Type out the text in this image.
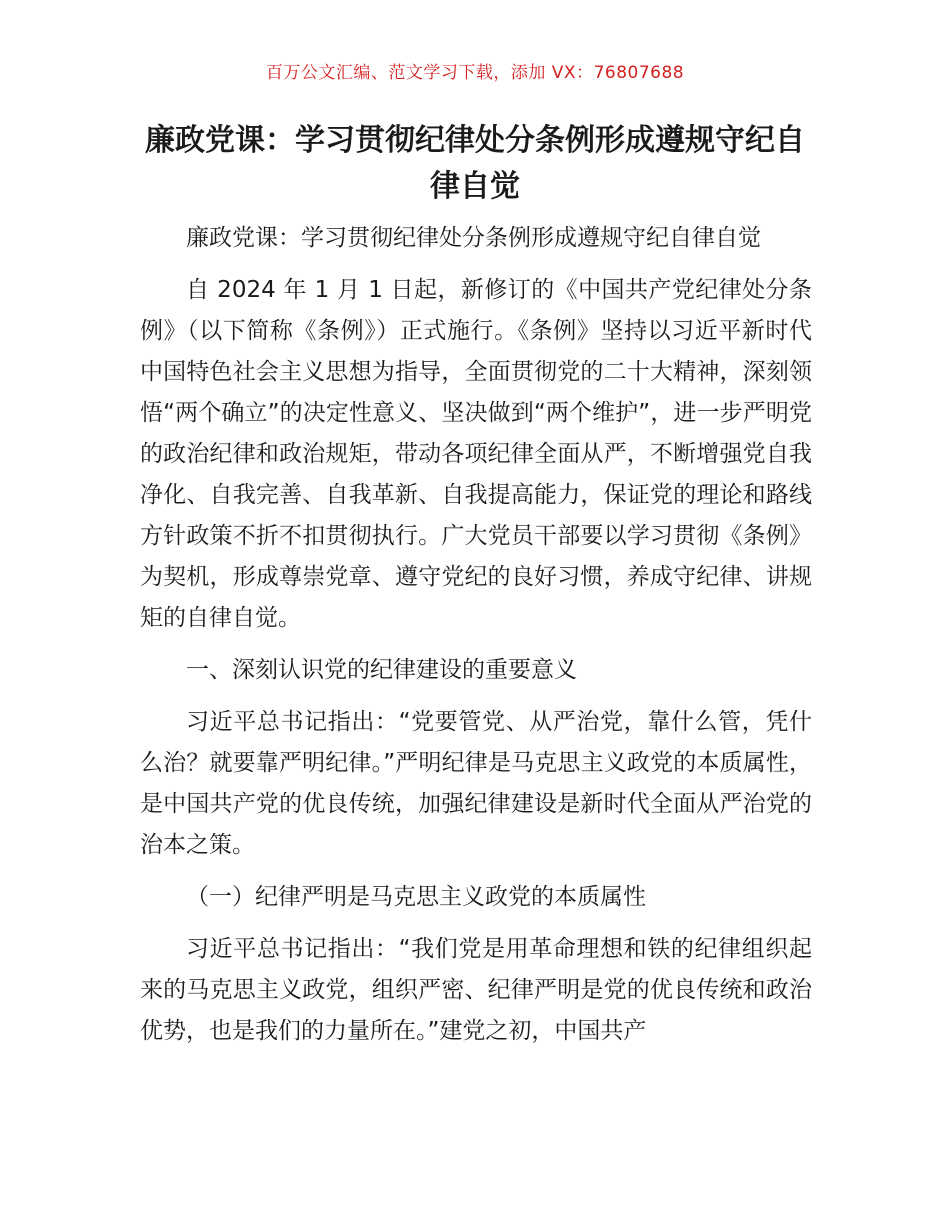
百万公文汇编、范文学习下载，添加 VX：76807688
廉政党课：学习贯彻纪律处分条例形成遵规守纪自律自觉

廉政党课：学习贯彻纪律处分条例形成遵规守纪自律自觉

自 2024 年 1 月 1 日起，新修订的《中国共产党纪律处分条例》（以下简称《条例》）正式施行。《条例》坚持以习近平新时代中国特色社会主义思想为指导，全面贯彻党的二十大精神，深刻领悟“两个确立”的决定性意义、坚决做到“两个维护”，进一步严明党的政治纪律和政治规矩，带动各项纪律全面从严，不断增强党自我净化、自我完善、自我革新、自我提高能力，保证党的理论和路线方针政策不折不扣贯彻执行。广大党员干部要以学习贯彻《条例》为契机，形成尊崇党章、遵守党纪的良好习惯，养成守纪律、讲规矩的自律自觉。

一、深刻认识党的纪律建设的重要意义

习近平总书记指出：“党要管党、从严治党，靠什么管，凭什么治？就要靠严明纪律。”严明纪律是马克思主义政党的本质属性，是中国共产党的优良传统，加强纪律建设是新时代全面从严治党的治本之策。

（一）纪律严明是马克思主义政党的本质属性

习近平总书记指出：“我们党是用革命理想和铁的纪律组织起来的马克思主义政党，组织严密、纪律严明是党的优良传统和政治优势，也是我们的力量所在。”建党之初，中国共产
